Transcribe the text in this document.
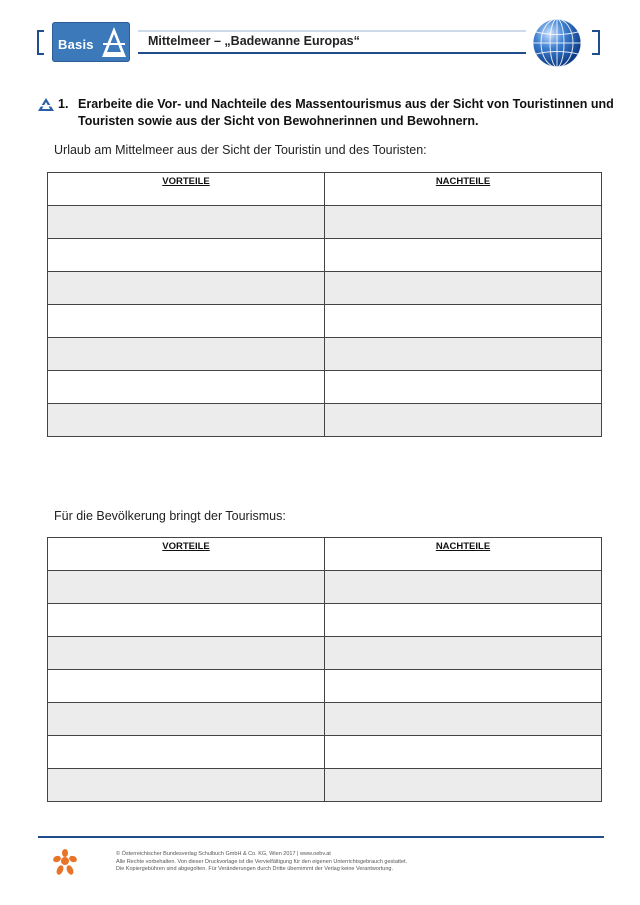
Basis	Mittelmeer – „Badewanne Europas“
1. Erarbeite die Vor- und Nachteile des Massentourismus aus der Sicht von Touristinnen und Touristen sowie aus der Sicht von Bewohnerinnen und Bewohnern.
Urlaub am Mittelmeer aus der Sicht der Touristin und des Touristen:
VORTEILE	NACHTEILE

Für die Bevölkerung bringt der Tourismus:
VORTEILE	NACHTEILE

© Österreichischer Bundesverlag Schulbuch GmbH & Co. KG, Wien 2017 | www.oebv.at
Alle Rechte vorbehalten. Von dieser Druckvorlage ist die Vervielfältigung für den eigenen Unterrichtsgebrauch gestattet.
Die Kopiergebühren sind abgegolten. Für Veränderungen durch Dritte übernimmt der Verlag keine Verantwortung.
